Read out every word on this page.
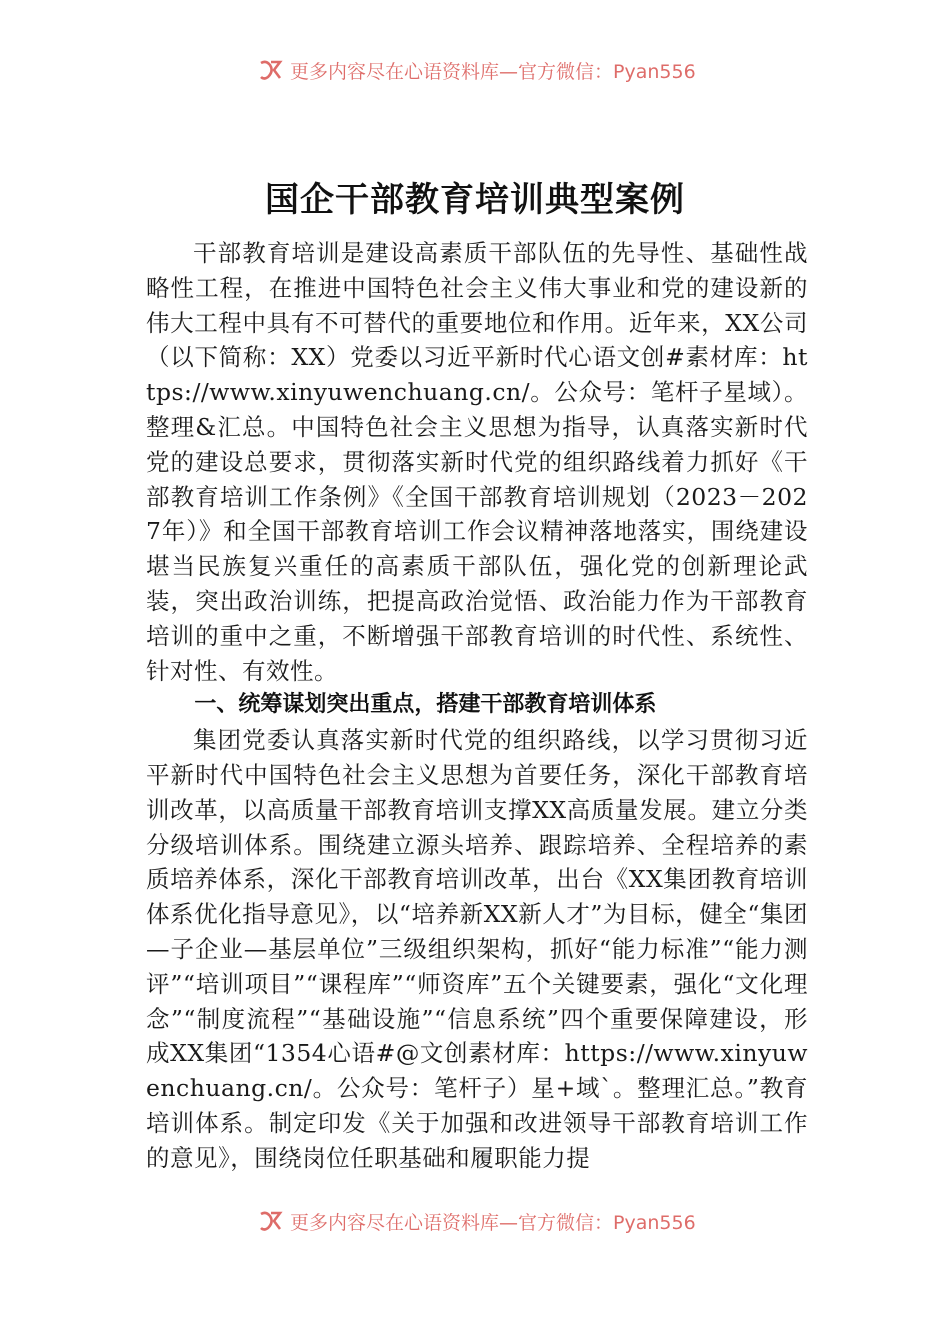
更多内容尽在心语资料库—官方微信：Pyan556
国企干部教育培训典型案例

干部教育培训是建设高素质干部队伍的先导性、基础性战略性工程，在推进中国特色社会主义伟大事业和党的建设新的伟大工程中具有不可替代的重要地位和作用。近年来，XX公司（以下简称：XX）党委以习近平新时代心语文创#素材库：https://www.xinyuwenchuang.cn/。公众号：笔杆子星域）。整理&汇总。中国特色社会主义思想为指导，认真落实新时代党的建设总要求，贯彻落实新时代党的组织路线着力抓好《干部教育培训工作条例》《全国干部教育培训规划（2023－2027年）》和全国干部教育培训工作会议精神落地落实，围绕建设堪当民族复兴重任的高素质干部队伍，强化党的创新理论武装，突出政治训练，把提高政治觉悟、政治能力作为干部教育培训的重中之重，不断增强干部教育培训的时代性、系统性、针对性、有效性。

一、统筹谋划突出重点，搭建干部教育培训体系

集团党委认真落实新时代党的组织路线，以学习贯彻习近平新时代中国特色社会主义思想为首要任务，深化干部教育培训改革，以高质量干部教育培训支撑XX高质量发展。建立分类分级培训体系。围绕建立源头培养、跟踪培养、全程培养的素质培养体系，深化干部教育培训改革，出台《XX集团教育培训体系优化指导意见》，以“培养新XX新人才”为目标，健全“集团—子企业—基层单位”三级组织架构，抓好“能力标准”“能力测评”“培训项目”“课程库”“师资库”五个关键要素，强化“文化理念”“制度流程”“基础设施”“信息系统”四个重要保障建设，形成XX集团“1354心语#@文创素材库：https://www.xinyuwenchuang.cn/。公众号：笔杆子）星+域`。整理汇总。”教育培训体系。制定印发《关于加强和改进领导干部教育培训工作的意见》，围绕岗位任职基础和履职能力提

更多内容尽在心语资料库—官方微信：Pyan556
